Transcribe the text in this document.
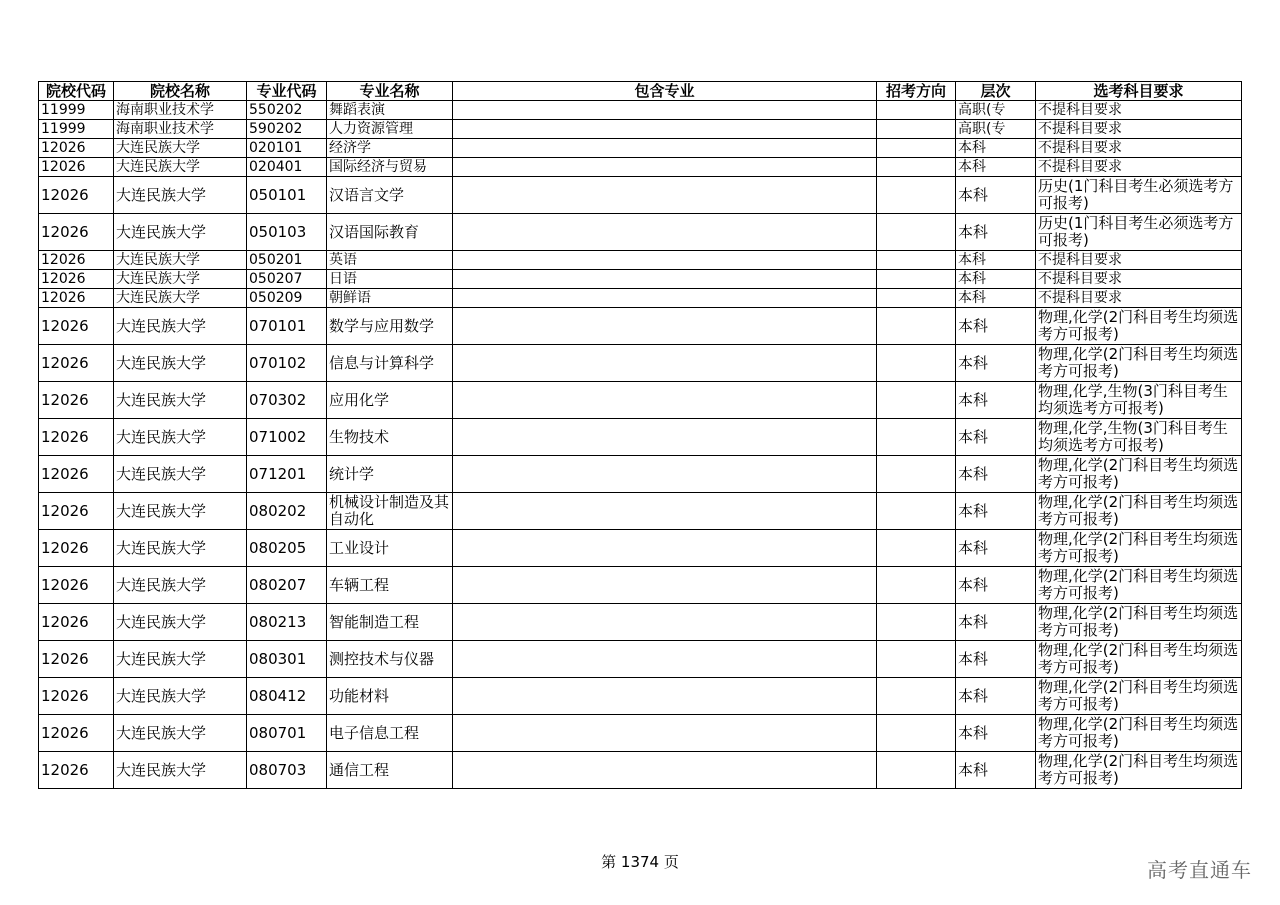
院校代码	院校名称	专业代码	专业名称	包含专业	招考方向	层次	选考科目要求
11999	海南职业技术学	550202	舞蹈表演			高职(专	不提科目要求
11999	海南职业技术学	590202	人力资源管理			高职(专	不提科目要求
12026	大连民族大学	020101	经济学			本科	不提科目要求
12026	大连民族大学	020401	国际经济与贸易			本科	不提科目要求
12026	大连民族大学	050101	汉语言文学			本科	历史(1门科目考生必须选考方可报考)
12026	大连民族大学	050103	汉语国际教育			本科	历史(1门科目考生必须选考方可报考)
12026	大连民族大学	050201	英语			本科	不提科目要求
12026	大连民族大学	050207	日语			本科	不提科目要求
12026	大连民族大学	050209	朝鲜语			本科	不提科目要求
12026	大连民族大学	070101	数学与应用数学			本科	物理,化学(2门科目考生均须选考方可报考)
12026	大连民族大学	070102	信息与计算科学			本科	物理,化学(2门科目考生均须选考方可报考)
12026	大连民族大学	070302	应用化学			本科	物理,化学,生物(3门科目考生均须选考方可报考)
12026	大连民族大学	071002	生物技术			本科	物理,化学,生物(3门科目考生均须选考方可报考)
12026	大连民族大学	071201	统计学			本科	物理,化学(2门科目考生均须选考方可报考)
12026	大连民族大学	080202	机械设计制造及其自动化			本科	物理,化学(2门科目考生均须选考方可报考)
12026	大连民族大学	080205	工业设计			本科	物理,化学(2门科目考生均须选考方可报考)
12026	大连民族大学	080207	车辆工程			本科	物理,化学(2门科目考生均须选考方可报考)
12026	大连民族大学	080213	智能制造工程			本科	物理,化学(2门科目考生均须选考方可报考)
12026	大连民族大学	080301	测控技术与仪器			本科	物理,化学(2门科目考生均须选考方可报考)
12026	大连民族大学	080412	功能材料			本科	物理,化学(2门科目考生均须选考方可报考)
12026	大连民族大学	080701	电子信息工程			本科	物理,化学(2门科目考生均须选考方可报考)
12026	大连民族大学	080703	通信工程			本科	物理,化学(2门科目考生均须选考方可报考)
第 1374 页	高考直通车
